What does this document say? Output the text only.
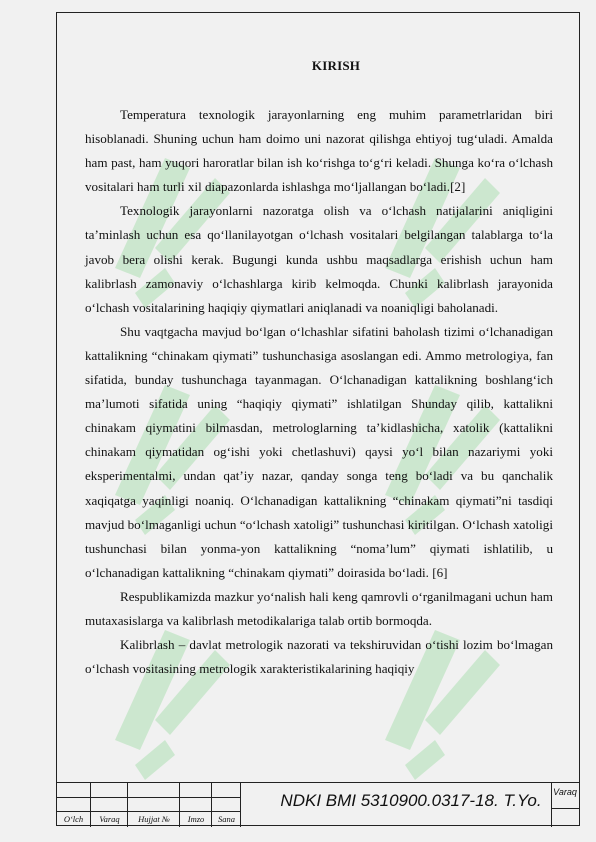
KIRISH

Temperatura texnologik jarayonlarning eng muhim parametrlaridan biri hisoblanadi. Shuning uchun ham doimo uni nazorat qilishga ehtiyoj tug‘uladi. Amalda ham past, ham yuqori haroratlar bilan ish ko‘rishga to‘g‘ri keladi. Shunga ko‘ra o‘lchash vositalari ham turli xil diapazonlarda ishlashga mo‘ljallangan bo‘ladi.[2]

Texnologik jarayonlarni nazoratga olish va o‘lchash natijalarini aniqligini ta’minlash uchun esa qo‘llanilayotgan o‘lchash vositalari belgilangan talablarga to‘la javob bera olishi kerak. Bugungi kunda ushbu maqsadlarga erishish uchun ham kalibrlash zamonaviy o‘lchashlarga kirib kelmoqda. Chunki kalibrlash jarayonida o‘lchash vositalarining haqiqiy qiymatlari aniqlanadi va noaniqligi baholanadi.

Shu vaqtgacha mavjud bo‘lgan o‘lchashlar sifatini baholash tizimi o‘lchanadigan kattalikning “chinakam qiymati” tushunchasiga asoslangan edi. Ammo metrologiya, fan sifatida, bunday tushunchaga tayanmagan. O‘lchanadigan kattalikning boshlang‘ich ma’lumoti sifatida uning “haqiqiy qiymati” ishlatilgan Shunday qilib, kattalikni chinakam qiymatini bilmasdan, metrologlarning ta’kidlashicha, xatolik (kattalikni chinakam qiymatidan og‘ishi yoki chetlashuvi) qaysi yo‘l bilan nazariymi yoki eksperimentalmi, undan qat’iy nazar, qanday songa teng bo‘ladi va bu qanchalik xaqiqatga yaqinligi noaniq. O‘lchanadigan kattalikning “chinakam qiymati”ni tasdiqi mavjud bo‘lmaganligi uchun “o‘lchash xatoligi” tushunchasi kiritilgan. O‘lchash xatoligi tushunchasi bilan yonma-yon kattalikning “noma’lum” qiymati ishlatilib, u o‘lchanadigan kattalikning “chinakam qiymati” doirasida bo‘ladi. [6]

Respublikamizda mazkur yo‘nalish hali keng qamrovli o‘rganilmagani uchun ham mutaxasislarga va kalibrlash metodikalariga talab ortib bormoqda.

Kalibrlash – davlat metrologik nazorati va tekshiruvidan o‘tishi lozim bo‘lmagan o‘lchash vositasining metrologik xarakteristikalarining haqiqiy

O‘lch	Varaq	Hujjat №	Imzo	Sana
NDKI BMI 5310900.0317-18. T.Yo.	Varaq
